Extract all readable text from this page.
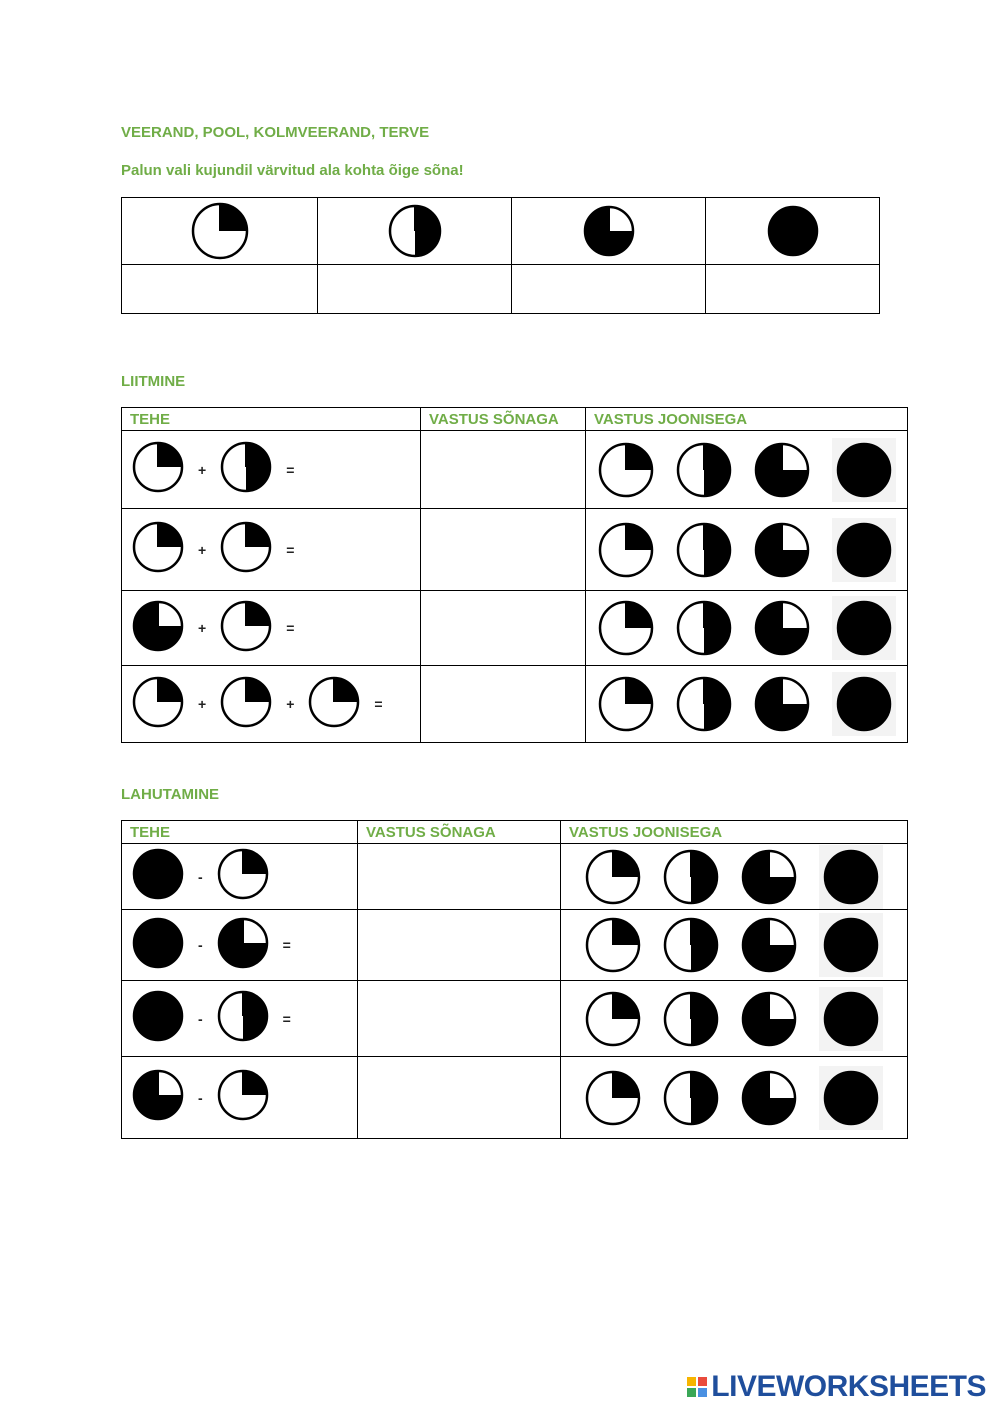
VEERAND, POOL, KOLMVEERAND, TERVE
Palun vali kujundil värvitud ala kohta õige sõna!

LIITMINE
TEHE	VASTUS SÕNAGA	VASTUS JOONISEGA

+ =

+ =

+ =

+ + =

LAHUTAMINE
TEHE	VASTUS SÕNAGA	VASTUS JOONISEGA

-

- =

- =

-

LIVEWORKSHEETS
